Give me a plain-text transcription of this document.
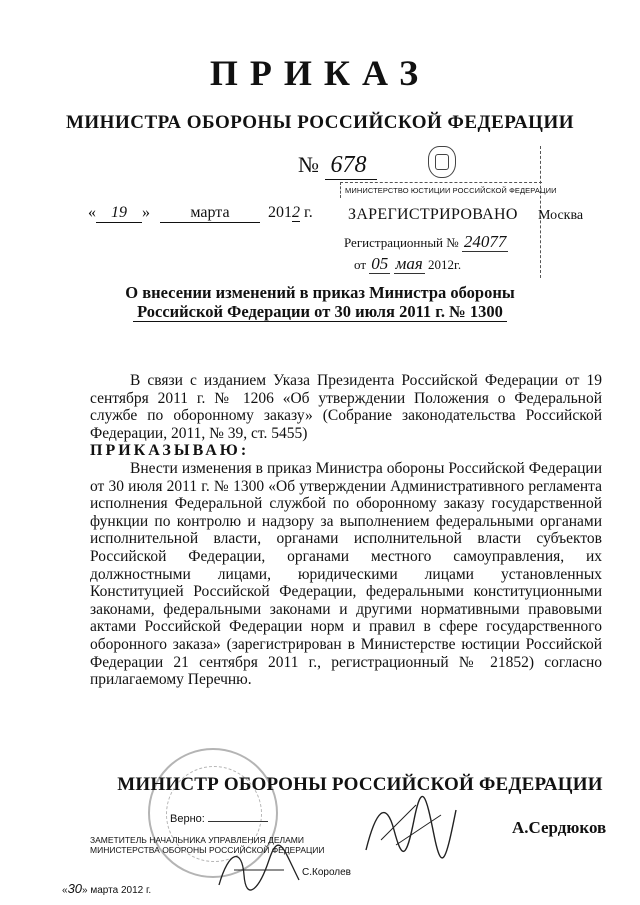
ПРИКАЗ
МИНИСТРА ОБОРОНЫ РОССИЙСКОЙ ФЕДЕРАЦИИ
№ 678
« 19 »	марта 2012 г.
МИНИСТЕРСТВО ЮСТИЦИИ РОССИЙСКОЙ ФЕДЕРАЦИИ
ЗАРЕГИСТРИРОВАНО Москва
Регистрационный № 24077
от 05 мая 2012г.
О внесении изменений в приказ Министра обороны
Российской Федерации от 30 июля 2011 г. № 1300

В связи с изданием Указа Президента Российской Федерации от 19 сентября 2011 г. № 1206 «Об утверждении Положения о Федеральной службе по оборонному заказу» (Собрание законодательства Российской Федерации, 2011, № 39, ст. 5455)

ПРИКАЗЫВАЮ:

Внести изменения в приказ Министра обороны Российской Федерации от 30 июля 2011 г. № 1300 «Об утверждении Административного регламента исполнения Федеральной службой по оборонному заказу государственной функции по контролю и надзору за выполнением федеральными органами исполнительной власти, органами исполнительной власти субъектов Российской Федерации, органами местного самоуправления, их должностными лицами, юридическими лицами установленных Конституцией Российской Федерации, федеральными конституционными законами, федеральными законами и другими нормативными правовыми актами Российской Федерации норм и правил в сфере государственного оборонного заказа» (зарегистрирован в Министерстве юстиции Российской Федерации 21 сентября 2011 г., регистрационный № 21852) согласно прилагаемому Перечню.

МИНИСТР ОБОРОНЫ РОССИЙСКОЙ ФЕДЕРАЦИИ
А.Сердюков
Верно:
ЗАМЕТИТЕЛЬ НАЧАЛЬНИКА УПРАВЛЕНИЯ ДЕЛАМИ
МИНИСТЕРСТВА ОБОРОНЫ РОССИЙСКОЙ ФЕДЕРАЦИИ
С.Королев
«30» марта 2012 г.
